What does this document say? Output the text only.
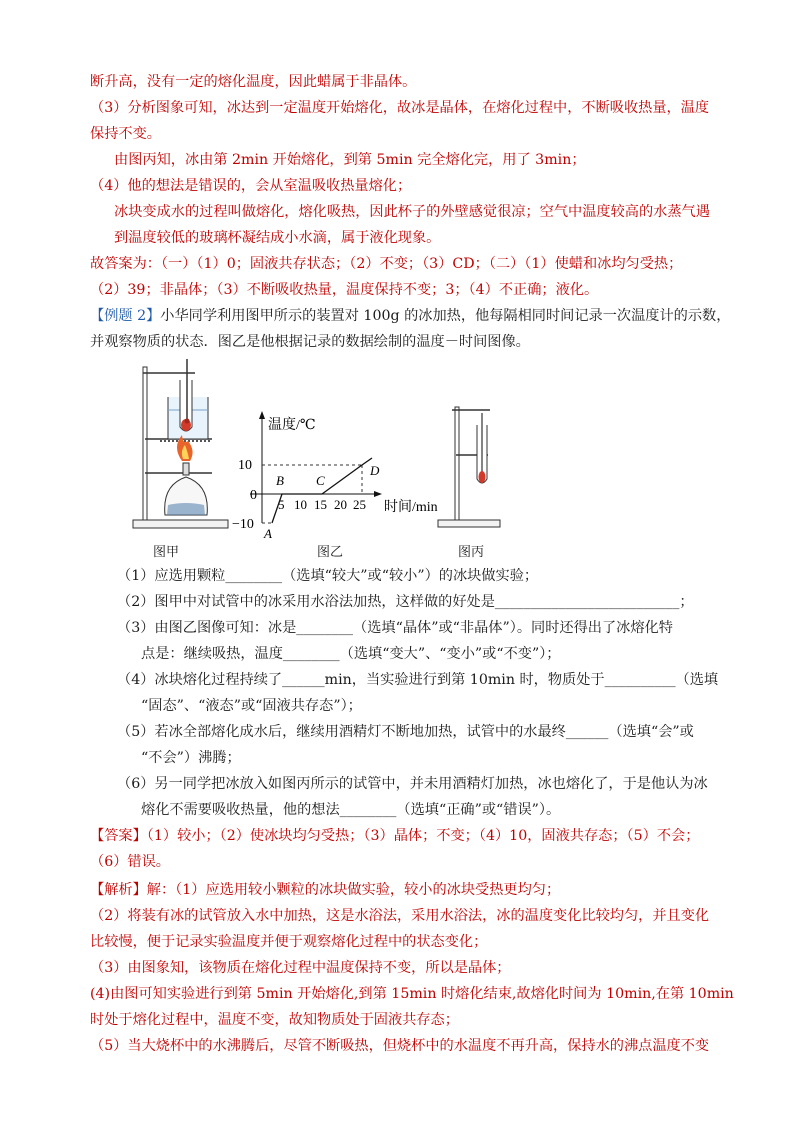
断升高，没有一定的熔化温度，因此蜡属于非晶体。
（3）分析图象可知，冰达到一定温度开始熔化，故冰是晶体，在熔化过程中，不断吸收热量，温度
保持不变。
由图丙知，冰由第 2min 开始熔化，到第 5min 完全熔化完，用了 3min；
（4）他的想法是错误的，会从室温吸收热量熔化；
冰块变成水的过程叫做熔化，熔化吸热，因此杯子的外壁感觉很凉；空气中温度较高的水蒸气遇
到温度较低的玻璃杯凝结成小水滴，属于液化现象。
故答案为：（一）（1）0；固液共存状态；（2）不变；（3）CD；（二）（1）使蜡和冰均匀受热；
（2）39；非晶体；（3）不断吸收热量，温度保持不变；3；（4）不正确；液化。
【例题 2】小华同学利用图甲所示的装置对 100g 的冰加热，他每隔相同时间记录一次温度计的示数，
并观察物质的状态．图乙是他根据记录的数据绘制的温度－时间图像。
温度/℃
时间/min
10
0
−10
5 10 15 20 25
A
B C
D
图甲	图乙	图丙
（1）应选用颗粒________（选填“较大”或“较小”）的冰块做实验；
（2）图甲中对试管中的冰采用水浴法加热，这样做的好处是__________________________；
（3）由图乙图像可知：冰是________（选填“晶体”或“非晶体”）。同时还得出了冰熔化特
点是：继续吸热，温度________（选填“变大”、“变小”或“不变”）；
（4）冰块熔化过程持续了______min，当实验进行到第 10min 时，物质处于__________（选填
“固态”、“液态”或“固液共存态”）；
（5）若冰全部熔化成水后，继续用酒精灯不断地加热，试管中的水最终______（选填“会”或
“不会”）沸腾；
（6）另一同学把冰放入如图丙所示的试管中，并未用酒精灯加热，冰也熔化了，于是他认为冰
熔化不需要吸收热量，他的想法________（选填“正确”或“错误”）。
【答案】（1）较小；（2）使冰块均匀受热；（3）晶体；不变；（4）10，固液共存态；（5）不会；
（6）错误。
【解析】解：（1）应选用较小颗粒的冰块做实验，较小的冰块受热更均匀；
（2）将装有冰的试管放入水中加热，这是水浴法，采用水浴法，冰的温度变化比较均匀，并且变化
比较慢，便于记录实验温度并便于观察熔化过程中的状态变化；
（3）由图象知，该物质在熔化过程中温度保持不变，所以是晶体；
(4)由图可知实验进行到第 5min 开始熔化,到第 15min 时熔化结束,故熔化时间为 10min,在第 10min
时处于熔化过程中，温度不变，故知物质处于固液共存态；
（5）当大烧杯中的水沸腾后，尽管不断吸热，但烧杯中的水温度不再升高，保持水的沸点温度不变
